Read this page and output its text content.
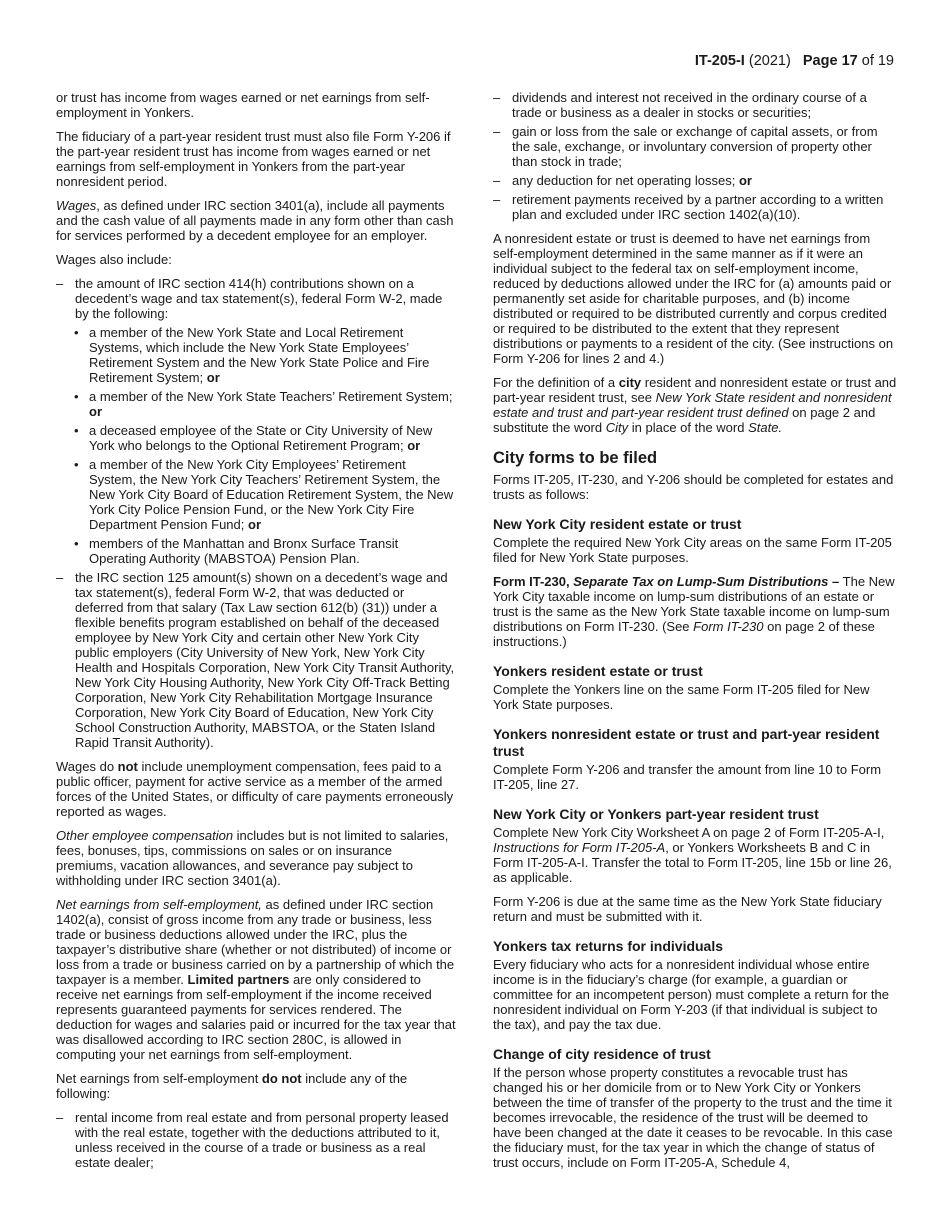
IT-205-I (2021) Page 17 of 19

or trust has income from wages earned or net earnings from self-employment in Yonkers.

The fiduciary of a part-year resident trust must also file Form Y-206 if the part-year resident trust has income from wages earned or net earnings from self-employment in Yonkers from the part-year nonresident period.

Wages, as defined under IRC section 3401(a), include all payments and the cash value of all payments made in any form other than cash for services performed by a decedent employee for an employer.

Wages also include:

– the amount of IRC section 414(h) contributions shown on a decedent’s wage and tax statement(s), federal Form W-2, made by the following:
• a member of the New York State and Local Retirement Systems, which include the New York State Employees’ Retirement System and the New York State Police and Fire Retirement System; or
• a member of the New York State Teachers’ Retirement System; or
• a deceased employee of the State or City University of New York who belongs to the Optional Retirement Program; or
• a member of the New York City Employees’ Retirement System, the New York City Teachers’ Retirement System, the New York City Board of Education Retirement System, the New York City Police Pension Fund, or the New York City Fire Department Pension Fund; or
• members of the Manhattan and Bronx Surface Transit Operating Authority (MABSTOA) Pension Plan.
– the IRC section 125 amount(s) shown on a decedent’s wage and tax statement(s), federal Form W-2, that was deducted or deferred from that salary (Tax Law section 612(b) (31)) under a flexible benefits program established on behalf of the deceased employee by New York City and certain other New York City public employers (City University of New York, New York City Health and Hospitals Corporation, New York City Transit Authority, New York City Housing Authority, New York City Off-Track Betting Corporation, New York City Rehabilitation Mortgage Insurance Corporation, New York City Board of Education, New York City School Construction Authority, MABSTOA, or the Staten Island Rapid Transit Authority).

Wages do not include unemployment compensation, fees paid to a public officer, payment for active service as a member of the armed forces of the United States, or difficulty of care payments erroneously reported as wages.

Other employee compensation includes but is not limited to salaries, fees, bonuses, tips, commissions on sales or on insurance premiums, vacation allowances, and severance pay subject to withholding under IRC section 3401(a).

Net earnings from self-employment, as defined under IRC section 1402(a), consist of gross income from any trade or business, less trade or business deductions allowed under the IRC, plus the taxpayer’s distributive share (whether or not distributed) of income or loss from a trade or business carried on by a partnership of which the taxpayer is a member. Limited partners are only considered to receive net earnings from self-employment if the income received represents guaranteed payments for services rendered. The deduction for wages and salaries paid or incurred for the tax year that was disallowed according to IRC section 280C, is allowed in computing your net earnings from self-employment.

Net earnings from self-employment do not include any of the following:

– rental income from real estate and from personal property leased with the real estate, together with the deductions attributed to it, unless received in the course of a trade or business as a real estate dealer;
– dividends and interest not received in the ordinary course of a trade or business as a dealer in stocks or securities;
– gain or loss from the sale or exchange of capital assets, or from the sale, exchange, or involuntary conversion of property other than stock in trade;
– any deduction for net operating losses; or
– retirement payments received by a partner according to a written plan and excluded under IRC section 1402(a)(10).

A nonresident estate or trust is deemed to have net earnings from self-employment determined in the same manner as if it were an individual subject to the federal tax on self-employment income, reduced by deductions allowed under the IRC for (a) amounts paid or permanently set aside for charitable purposes, and (b) income distributed or required to be distributed currently and corpus credited or required to be distributed to the extent that they represent distributions or payments to a resident of the city. (See instructions on Form Y-206 for lines 2 and 4.)

For the definition of a city resident and nonresident estate or trust and part-year resident trust, see New York State resident and nonresident estate and trust and part-year resident trust defined on page 2 and substitute the word City in place of the word State.

City forms to be filed

Forms IT-205, IT-230, and Y-206 should be completed for estates and trusts as follows:

New York City resident estate or trust

Complete the required New York City areas on the same Form IT-205 filed for New York State purposes.

Form IT-230, Separate Tax on Lump-Sum Distributions – The New York City taxable income on lump-sum distributions of an estate or trust is the same as the New York State taxable income on lump-sum distributions on Form IT-230. (See Form IT-230 on page 2 of these instructions.)

Yonkers resident estate or trust

Complete the Yonkers line on the same Form IT-205 filed for New York State purposes.

Yonkers nonresident estate or trust and part-year resident trust

Complete Form Y-206 and transfer the amount from line 10 to Form IT-205, line 27.

New York City or Yonkers part-year resident trust

Complete New York City Worksheet A on page 2 of Form IT-205-A-I, Instructions for Form IT-205-A, or Yonkers Worksheets B and C in Form IT-205-A-I. Transfer the total to Form IT-205, line 15b or line 26, as applicable.

Form Y-206 is due at the same time as the New York State fiduciary return and must be submitted with it.

Yonkers tax returns for individuals

Every fiduciary who acts for a nonresident individual whose entire income is in the fiduciary’s charge (for example, a guardian or committee for an incompetent person) must complete a return for the nonresident individual on Form Y-203 (if that individual is subject to the tax), and pay the tax due.

Change of city residence of trust

If the person whose property constitutes a revocable trust has changed his or her domicile from or to New York City or Yonkers between the time of transfer of the property to the trust and the time it becomes irrevocable, the residence of the trust will be deemed to have been changed at the date it ceases to be revocable. In this case the fiduciary must, for the tax year in which the change of status of trust occurs, include on Form IT-205-A, Schedule 4,
